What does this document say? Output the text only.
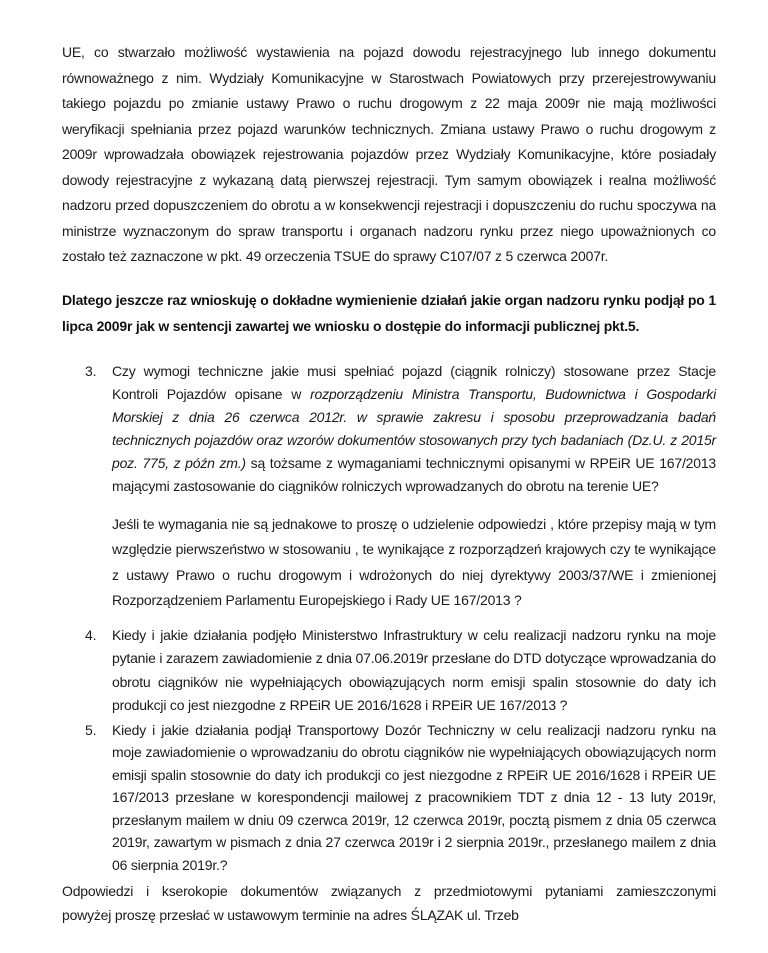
UE, co stwarzało możliwość wystawienia na pojazd dowodu rejestracyjnego lub innego dokumentu równoważnego z nim. Wydziały Komunikacyjne w Starostwach Powiatowych przy przerejestrowywaniu takiego pojazdu po zmianie ustawy Prawo o ruchu drogowym z 22 maja 2009r nie mają możliwości weryfikacji spełniania przez pojazd warunków technicznych. Zmiana ustawy Prawo o ruchu drogowym z 2009r wprowadzała obowiązek rejestrowania pojazdów przez Wydziały Komunikacyjne, które posiadały dowody rejestracyjne z wykazaną datą pierwszej rejestracji. Tym samym obowiązek i realna możliwość nadzoru przed dopuszczeniem do obrotu a w konsekwencji rejestracji i dopuszczeniu do ruchu spoczywa na ministrze wyznaczonym do spraw transportu i organach nadzoru rynku przez niego upoważnionych co zostało też zaznaczone w pkt. 49 orzeczenia TSUE do sprawy C107/07 z 5 czerwca 2007r.

Dlatego jeszcze raz wnioskuję o dokładne wymienienie działań jakie organ nadzoru rynku podjął po 1 lipca 2009r jak w sentencji zawartej we wniosku o dostępie do informacji publicznej pkt.5.

3.	Czy wymogi techniczne jakie musi spełniać pojazd (ciągnik rolniczy) stosowane przez Stacje Kontroli Pojazdów opisane w rozporządzeniu Ministra Transportu, Budownictwa i Gospodarki Morskiej z dnia 26 czerwca 2012r. w sprawie zakresu i sposobu przeprowadzania badań technicznych pojazdów oraz wzorów dokumentów stosowanych przy tych badaniach (Dz.U. z 2015r poz. 775, z późn zm.) są tożsame z wymaganiami technicznymi opisanymi w RPEiR UE 167/2013 mającymi zastosowanie do ciągników rolniczych wprowadzanych do obrotu na terenie UE?

Jeśli te wymagania nie są jednakowe to proszę o udzielenie odpowiedzi , które przepisy mają w tym względzie pierwszeństwo w stosowaniu , te wynikające z rozporządzeń krajowych czy te wynikające z ustawy Prawo o ruchu drogowym i wdrożonych do niej dyrektywy 2003/37/WE i zmienionej Rozporządzeniem Parlamentu Europejskiego i Rady UE 167/2013 ?

4.	Kiedy i jakie działania podjęło Ministerstwo Infrastruktury w celu realizacji nadzoru rynku na moje pytanie i zarazem zawiadomienie z dnia 07.06.2019r przesłane do DTD dotyczące wprowadzania do obrotu ciągników nie wypełniających obowiązujących norm emisji spalin stosownie do daty ich produkcji co jest niezgodne z RPEiR UE 2016/1628 i RPEiR UE 167/2013 ?
5.	Kiedy i jakie działania podjął Transportowy Dozór Techniczny w celu realizacji nadzoru rynku na moje zawiadomienie o wprowadzaniu do obrotu ciągników nie wypełniających obowiązujących norm emisji spalin stosownie do daty ich produkcji co jest niezgodne z RPEiR UE 2016/1628 i RPEiR UE 167/2013 przesłane w korespondencji mailowej z pracownikiem TDT z dnia 12 - 13 luty 2019r, przesłanym mailem w dniu 09 czerwca 2019r, 12 czerwca 2019r, pocztą pismem z dnia 05 czerwca 2019r, zawartym w pismach z dnia 27 czerwca 2019r i 2 sierpnia 2019r., przesłanego mailem z dnia 06 sierpnia 2019r.?

Odpowiedzi i kserokopie dokumentów związanych z przedmiotowymi pytaniami zamieszczonymi

powyżej proszę przesłać w ustawowym terminie na adres ŚLĄZAK ul. Trzeb
